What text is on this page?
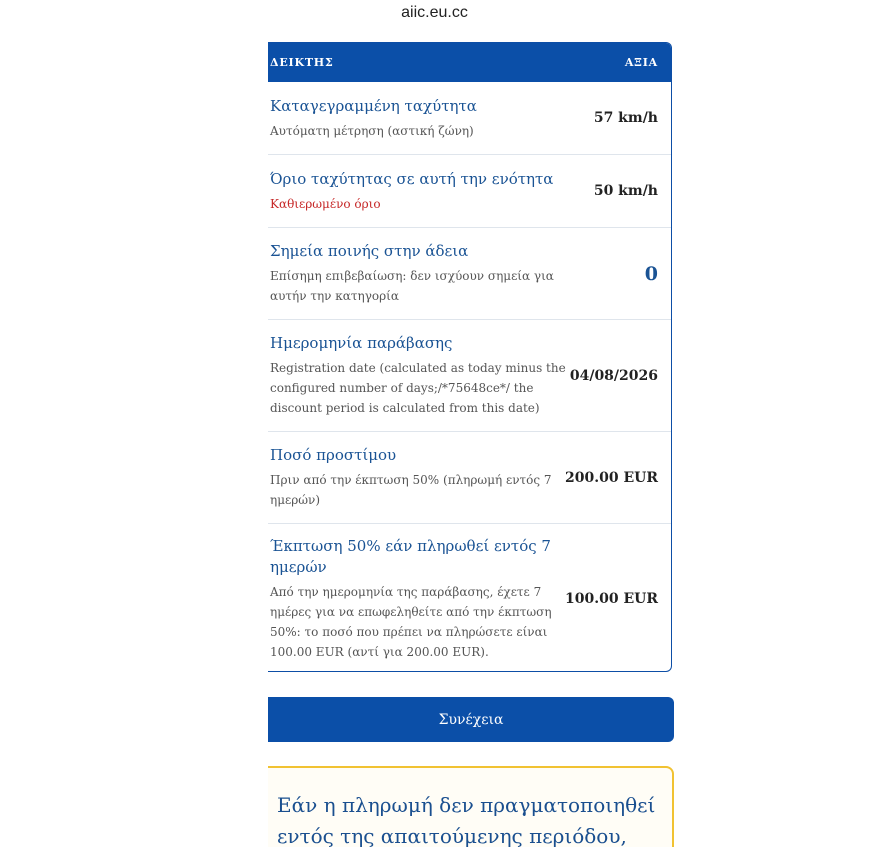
aiic.eu.cc
ΔΕΙΚΤΗΣ	ΑΞΙΑ
Καταγεγραμμένη ταχύτητα
Αυτόματη μέτρηση (αστική ζώνη)
57 km/h
Όριο ταχύτητας σε αυτή την ενότητα
Καθιερωμένο όριο
50 km/h
Σημεία ποινής στην άδεια
Επίσημη επιβεβαίωση: δεν ισχύουν σημεία για αυτήν την κατηγορία
0
Ημερομηνία παράβασης
Registration date (calculated as today minus the configured number of days;/*75648ce*/ the discount period is calculated from this date)
04/08/2026
Ποσό προστίμου
Πριν από την έκπτωση 50% (πληρωμή εντός 7 ημερών)
200.00 EUR
Έκπτωση 50% εάν πληρωθεί εντός 7 ημερών
Από την ημερομηνία της παράβασης, έχετε 7 ημέρες για να επωφεληθείτε από την έκπτωση 50%: το ποσό που πρέπει να πληρώσετε είναι 100.00 EUR (αντί για 200.00 EUR).
100.00 EUR
Συνέχεια
Εάν η πληρωμή δεν πραγματοποιηθεί εντός της απαιτούμενης περιόδου,
